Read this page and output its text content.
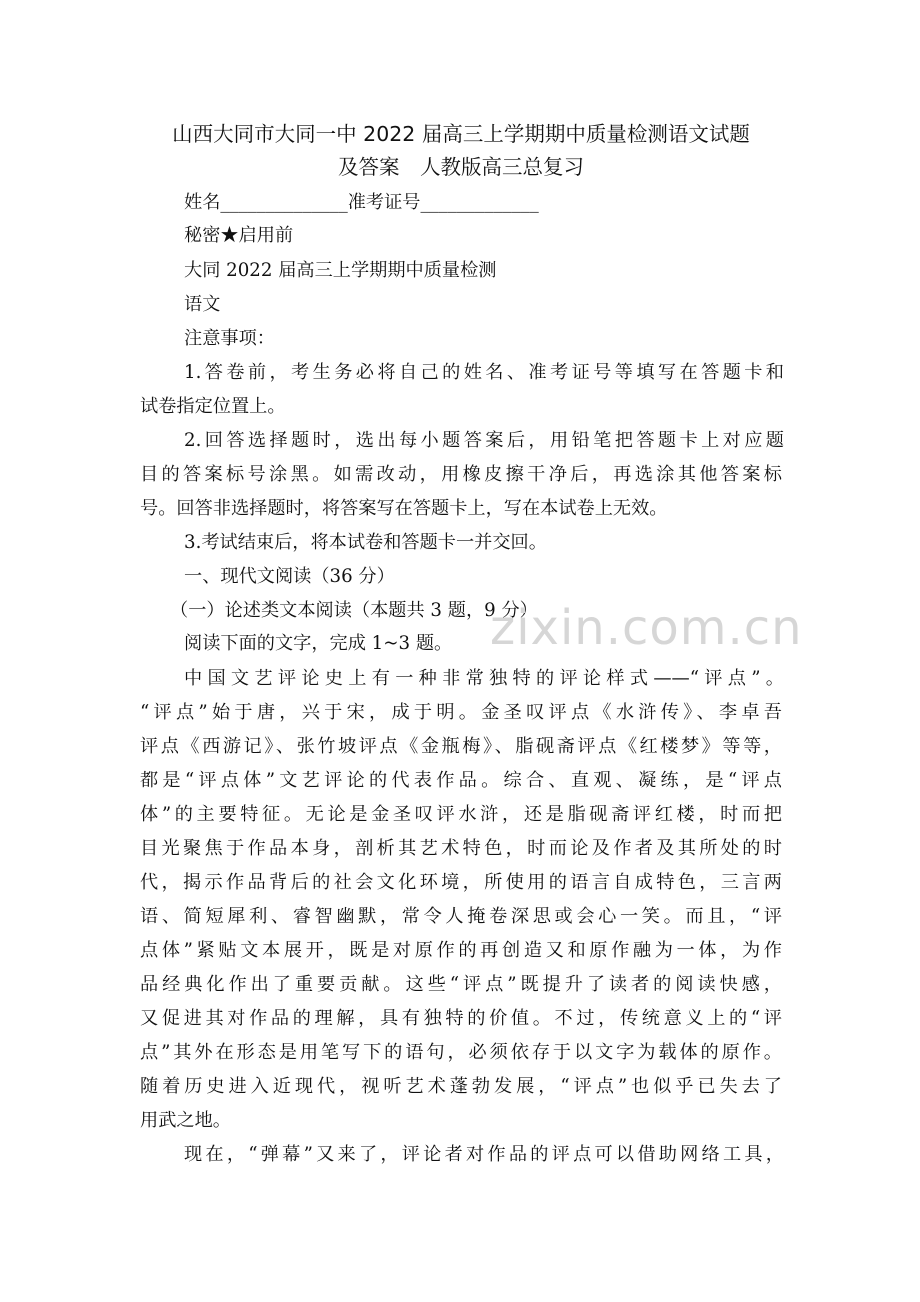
山西大同市大同一中 2022 届高三上学期期中质量检测语文试题
及答案　人教版高三总复习
姓名______________准考证号_____________
秘密★启用前
大同 2022 届高三上学期期中质量检测
语文
注意事项：
1.答卷前，考生务必将自己的姓名、准考证号等填写在答题卡和
试卷指定位置上。
2.回答选择题时，选出每小题答案后，用铅笔把答题卡上对应题
目的答案标号涂黑。如需改动，用橡皮擦干净后，再选涂其他答案标
号。回答非选择题时，将答案写在答题卡上，写在本试卷上无效。
3.考试结束后，将本试卷和答题卡一并交回。
一、现代文阅读（36 分）
（一）论述类文本阅读（本题共 3 题，9 分）
阅读下面的文字，完成 1~3 题。
中国文艺评论史上有一种非常独特的评论样式——“评点”。
“评点”始于唐，兴于宋，成于明。金圣叹评点《水浒传》、李卓吾
评点《西游记》、张竹坡评点《金瓶梅》、脂砚斋评点《红楼梦》等等，
都是“评点体”文艺评论的代表作品。综合、直观、凝练，是“评点
体”的主要特征。无论是金圣叹评水浒，还是脂砚斋评红楼，时而把
目光聚焦于作品本身，剖析其艺术特色，时而论及作者及其所处的时
代，揭示作品背后的社会文化环境，所使用的语言自成特色，三言两
语、简短犀利、睿智幽默，常令人掩卷深思或会心一笑。而且，“评
点体”紧贴文本展开，既是对原作的再创造又和原作融为一体，为作
品经典化作出了重要贡献。这些“评点”既提升了读者的阅读快感，
又促进其对作品的理解，具有独特的价值。不过，传统意义上的“评
点”其外在形态是用笔写下的语句，必须依存于以文字为载体的原作。
随着历史进入近现代，视听艺术蓬勃发展，“评点”也似乎已失去了
用武之地。
现在，“弹幕”又来了，评论者对作品的评点可以借助网络工具，
zixin.com.cn
